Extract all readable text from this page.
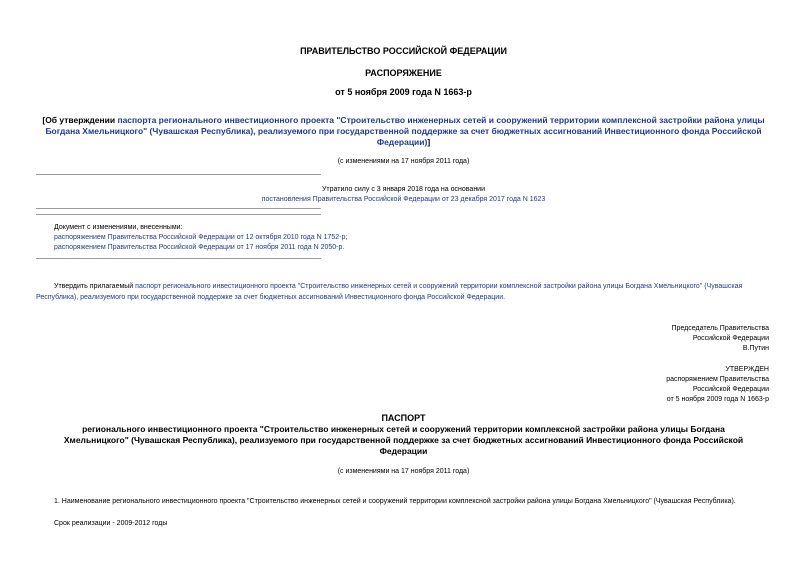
ПРАВИТЕЛЬСТВО РОССИЙСКОЙ ФЕДЕРАЦИИ
РАСПОРЯЖЕНИЕ
от 5 ноября 2009 года N 1663-р
[Об утверждении паспорта регионального инвестиционного проекта "Строительство инженерных сетей и сооружений территории комплексной застройки района улицы Богдана Хмельницкого" (Чувашская Республика), реализуемого при государственной поддержке за счет бюджетных ассигнований Инвестиционного фонда Российской Федерации)]
(с изменениями на 17 ноября 2011 года)
Утратило силу с 3 января 2018 года на основании
постановления Правительства Российской Федерации от 23 декабря 2017 года N 1623
Документ с изменениями, внесенными:
распоряжением Правительства Российской Федерации от 12 октября 2010 года N 1752-р;
распоряжением Правительства Российской Федерации от 17 ноября 2011 года N 2050-р.
Утвердить прилагаемый паспорт регионального инвестиционного проекта "Строительство инженерных сетей и сооружений территории комплексной застройки района улицы Богдана Хмельницкого" (Чувашская Республика), реализуемого при государственной поддержке за счет бюджетных ассигнований Инвестиционного фонда Российской Федерации.
Председатель Правительства
Российской Федерации
В.Путин
УТВЕРЖДЕН
распоряжением Правительства
Российской Федерации
от 5 ноября 2009 года N 1663-р
ПАСПОРТ
регионального инвестиционного проекта "Строительство инженерных сетей и сооружений территории комплексной застройки района улицы Богдана Хмельницкого" (Чувашская Республика), реализуемого при государственной поддержке за счет бюджетных ассигнований Инвестиционного фонда Российской Федерации
(с изменениями на 17 ноября 2011 года)
1. Наименование регионального инвестиционного проекта "Строительство инженерных сетей и сооружений территории комплексной застройки района улицы Богдана Хмельницкого" (Чувашская Республика).
Срок реализации - 2009-2012 годы
